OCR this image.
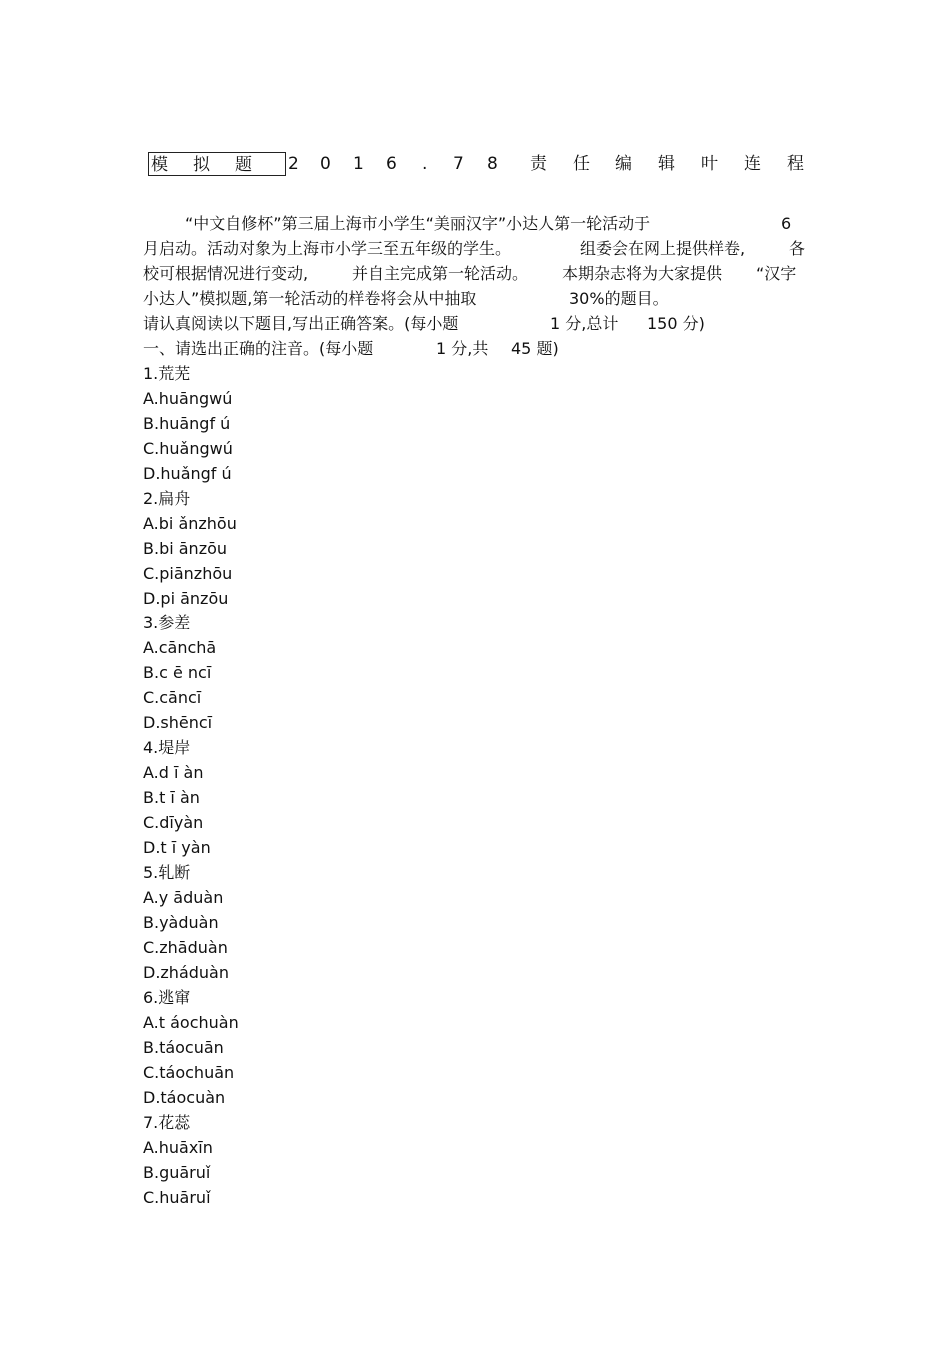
模 拟 题 2 0 1 6 . 7 8 责 任 编 辑 叶 连 程
“中文自修杯”第三届上海市小学生“美丽汉字”小达人第一轮活动于	6
月启动。活动对象为上海市小学三至五年级的学生。	组委会在网上提供样卷,	各
校可根据情况进行变动,	并自主完成第一轮活动。 本期杂志将为大家提供 “汉字
小达人”模拟题,第一轮活动的样卷将会从中抽取	30%的题目。
请认真阅读以下题目,写出正确答案。(每小题	1 分,总计 150 分)
一、请选出正确的注音。(每小题	1 分,共 45 题)
1.荒芜
A.huāngwú
B.huāngf ú
C.huǎngwú
D.huǎngf ú
2.扁舟
A.bi ǎnzhōu
B.bi ānzōu
C.piānzhōu
D.pi ānzōu
3.参差
A.cānchā
B.c ē ncī
C.cāncī
D.shēncī
4.堤岸
A.d ī àn
B.t ī àn
C.dīyàn
D.t ī yàn
5.轧断
A.y āduàn
B.yàduàn
C.zhāduàn
D.zháduàn
6.逃窜
A.t áochuàn
B.táocuān
C.táochuān
D.táocuàn
7.花蕊
A.huāxīn
B.guāruǐ
C.huāruǐ
